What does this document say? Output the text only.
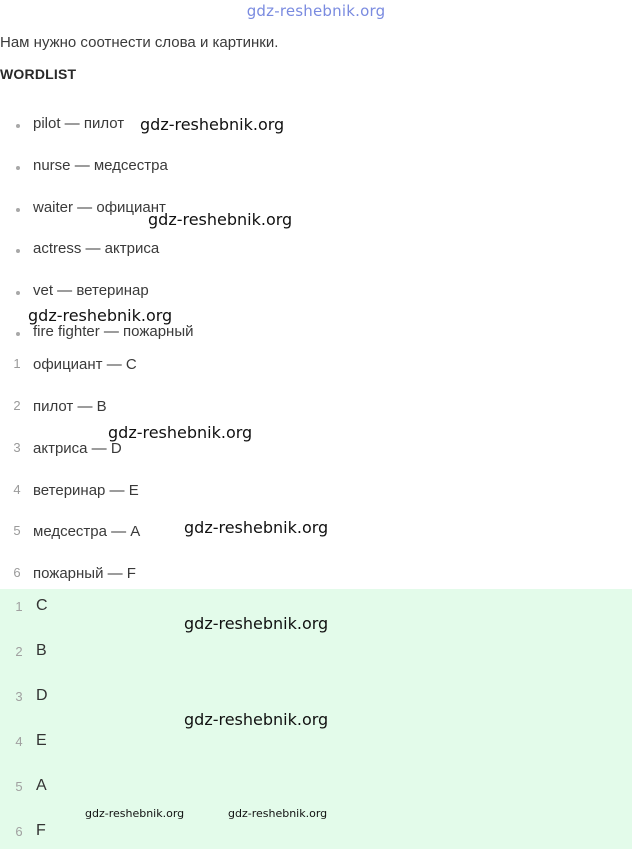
gdz-reshebnik.org
Нам нужно соотнести слова и картинки.
WORDLIST
pilot — пилот
nurse — медсестра
waiter — официант
actress — актриса
vet — ветеринар
fire fighter — пожарный
1 официант — C
2 пилот — B
3 актриса — D
4 ветеринар — E
5 медсестра — A
6 пожарный — F
1 C
2 B
3 D
4 E
5 A
6 F
gdz-reshebnik.org
gdz-reshebnik.org
gdz-reshebnik.org
gdz-reshebnik.org
gdz-reshebnik.org
gdz-reshebnik.org
gdz-reshebnik.org
gdz-reshebnik.org	gdz-reshebnik.org
